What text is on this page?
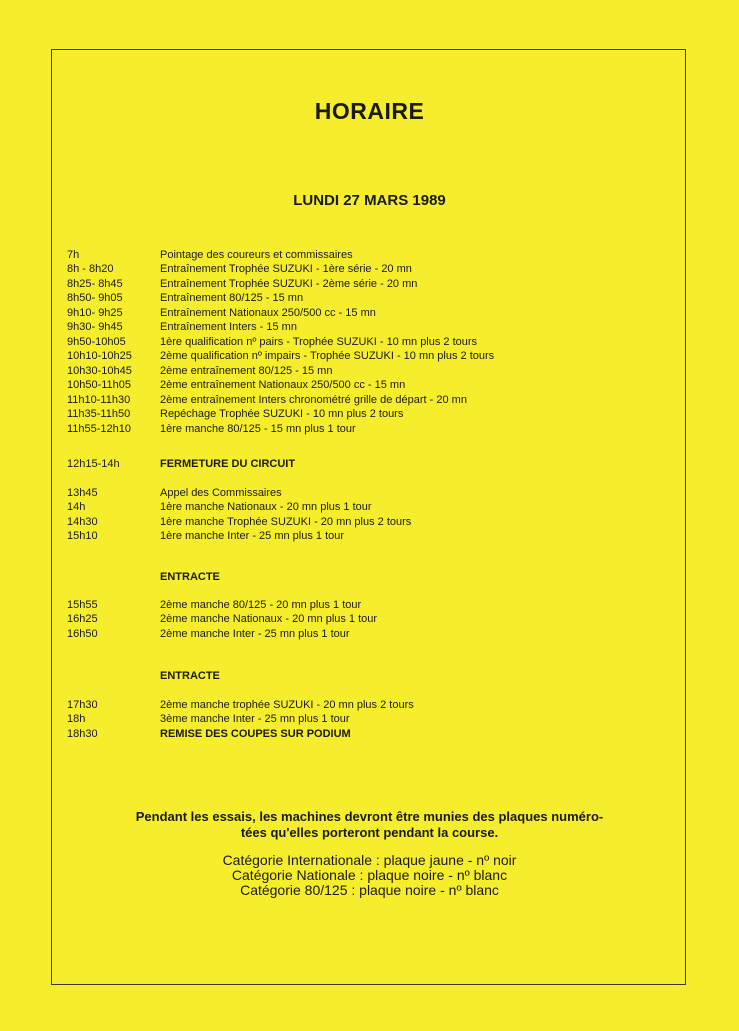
HORAIRE
LUNDI 27 MARS 1989
7h	Pointage des coureurs et commissaires
8h - 8h20	Entraînement Trophée SUZUKI - 1ère série - 20 mn
8h25- 8h45	Entraînement Trophée SUZUKI - 2ème série - 20 mn
8h50- 9h05	Entraînement 80/125 - 15 mn
9h10- 9h25	Entraînement Nationaux 250/500 cc - 15 mn
9h30- 9h45	Entraînement Inters - 15 mn
9h50-10h05	1ère qualification nº pairs - Trophée SUZUKI - 10 mn plus 2 tours
10h10-10h25	2ème qualification nº impairs - Trophée SUZUKI - 10 mn plus 2 tours
10h30-10h45	2ème entraînement 80/125 - 15 mn
10h50-11h05	2ème entraînement Nationaux 250/500 cc - 15 mn
11h10-11h30	2ème entraînement Inters chronométré grille de départ - 20 mn
11h35-11h50	Repéchage Trophée SUZUKI - 10 mn plus 2 tours
11h55-12h10	1ère manche 80/125 - 15 mn plus 1 tour
12h15-14h	FERMETURE DU CIRCUIT
13h45	Appel des Commissaires
14h	1ère manche Nationaux - 20 mn plus 1 tour
14h30	1ère manche Trophée SUZUKI - 20 mn plus 2 tours
15h10	1ère manche Inter - 25 mn plus 1 tour
ENTRACTE
15h55	2ème manche 80/125 - 20 mn plus 1 tour
16h25	2ème manche Nationaux - 20 mn plus 1 tour
16h50	2ème manche Inter - 25 mn plus 1 tour
ENTRACTE
17h30	2ème manche trophée SUZUKI - 20 mn plus 2 tours
18h	3ème manche Inter - 25 mn plus 1 tour
18h30	REMISE DES COUPES SUR PODIUM
Pendant les essais, les machines devront être munies des plaques numéro-
tées qu'elles porteront pendant la course.
Catégorie Internationale : plaque jaune - nº noir
Catégorie Nationale : plaque noire - nº blanc
Catégorie 80/125 : plaque noire - nº blanc
